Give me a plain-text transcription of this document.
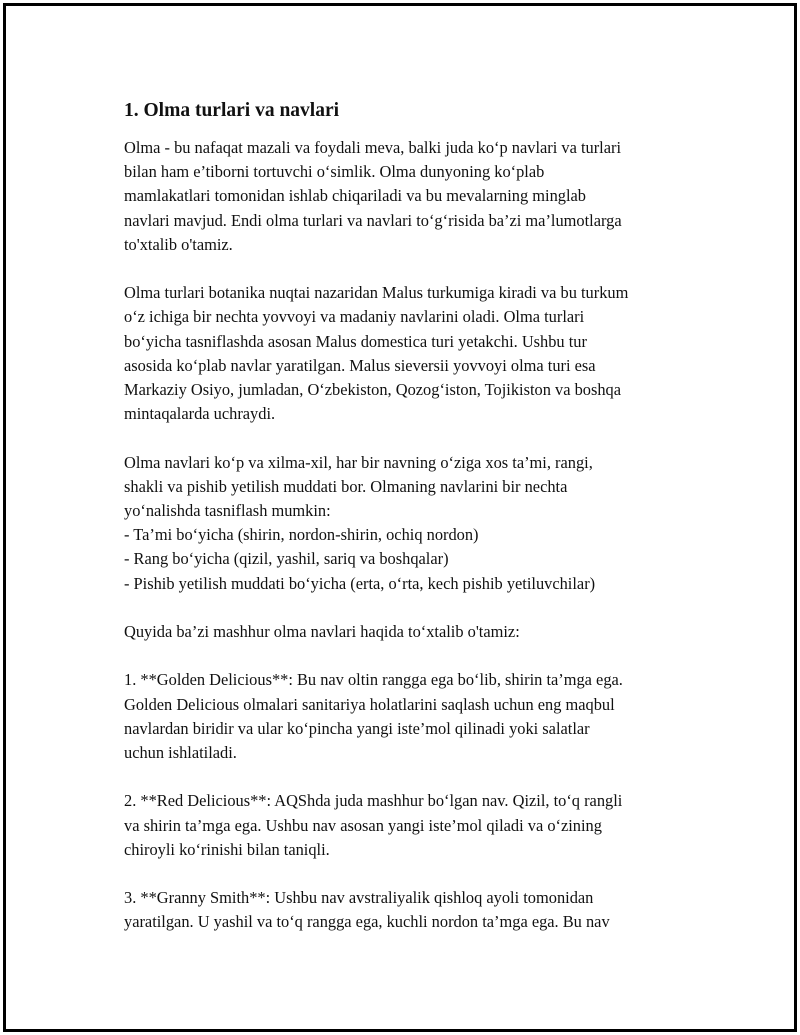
1. Olma turlari va navlari
Olma - bu nafaqat mazali va foydali meva, balki juda ko‘p navlari va turlari
bilan ham e’tiborni tortuvchi o‘simlik. Olma dunyoning ko‘plab
mamlakatlari tomonidan ishlab chiqariladi va bu mevalarning minglab
navlari mavjud. Endi olma turlari va navlari to‘g‘risida ba’zi ma’lumotlarga
to'xtalib o'tamiz.
Olma turlari botanika nuqtai nazaridan Malus turkumiga kiradi va bu turkum
o‘z ichiga bir nechta yovvoyi va madaniy navlarini oladi. Olma turlari
bo‘yicha tasniflashda asosan Malus domestica turi yetakchi. Ushbu tur
asosida ko‘plab navlar yaratilgan. Malus sieversii yovvoyi olma turi esa
Markaziy Osiyo, jumladan, O‘zbekiston, Qozog‘iston, Tojikiston va boshqa
mintaqalarda uchraydi.
Olma navlari ko‘p va xilma-xil, har bir navning o‘ziga xos ta’mi, rangi,
shakli va pishib yetilish muddati bor. Olmaning navlarini bir nechta
yo‘nalishda tasniflash mumkin:
- Ta’mi bo‘yicha (shirin, nordon-shirin, ochiq nordon)
- Rang bo‘yicha (qizil, yashil, sariq va boshqalar)
- Pishib yetilish muddati bo‘yicha (erta, o‘rta, kech pishib yetiluvchilar)
Quyida ba’zi mashhur olma navlari haqida to‘xtalib o'tamiz:
1. **Golden Delicious**: Bu nav oltin rangga ega bo‘lib, shirin ta’mga ega.
Golden Delicious olmalari sanitariya holatlarini saqlash uchun eng maqbul
navlardan biridir va ular ko‘pincha yangi iste’mol qilinadi yoki salatlar
uchun ishlatiladi.
2. **Red Delicious**: AQShda juda mashhur bo‘lgan nav. Qizil, to‘q rangli
va shirin ta’mga ega. Ushbu nav asosan yangi iste’mol qiladi va o‘zining
chiroyli ko‘rinishi bilan taniqli.
3. **Granny Smith**: Ushbu nav avstraliyalik qishloq ayoli tomonidan
yaratilgan. U yashil va to‘q rangga ega, kuchli nordon ta’mga ega. Bu nav
